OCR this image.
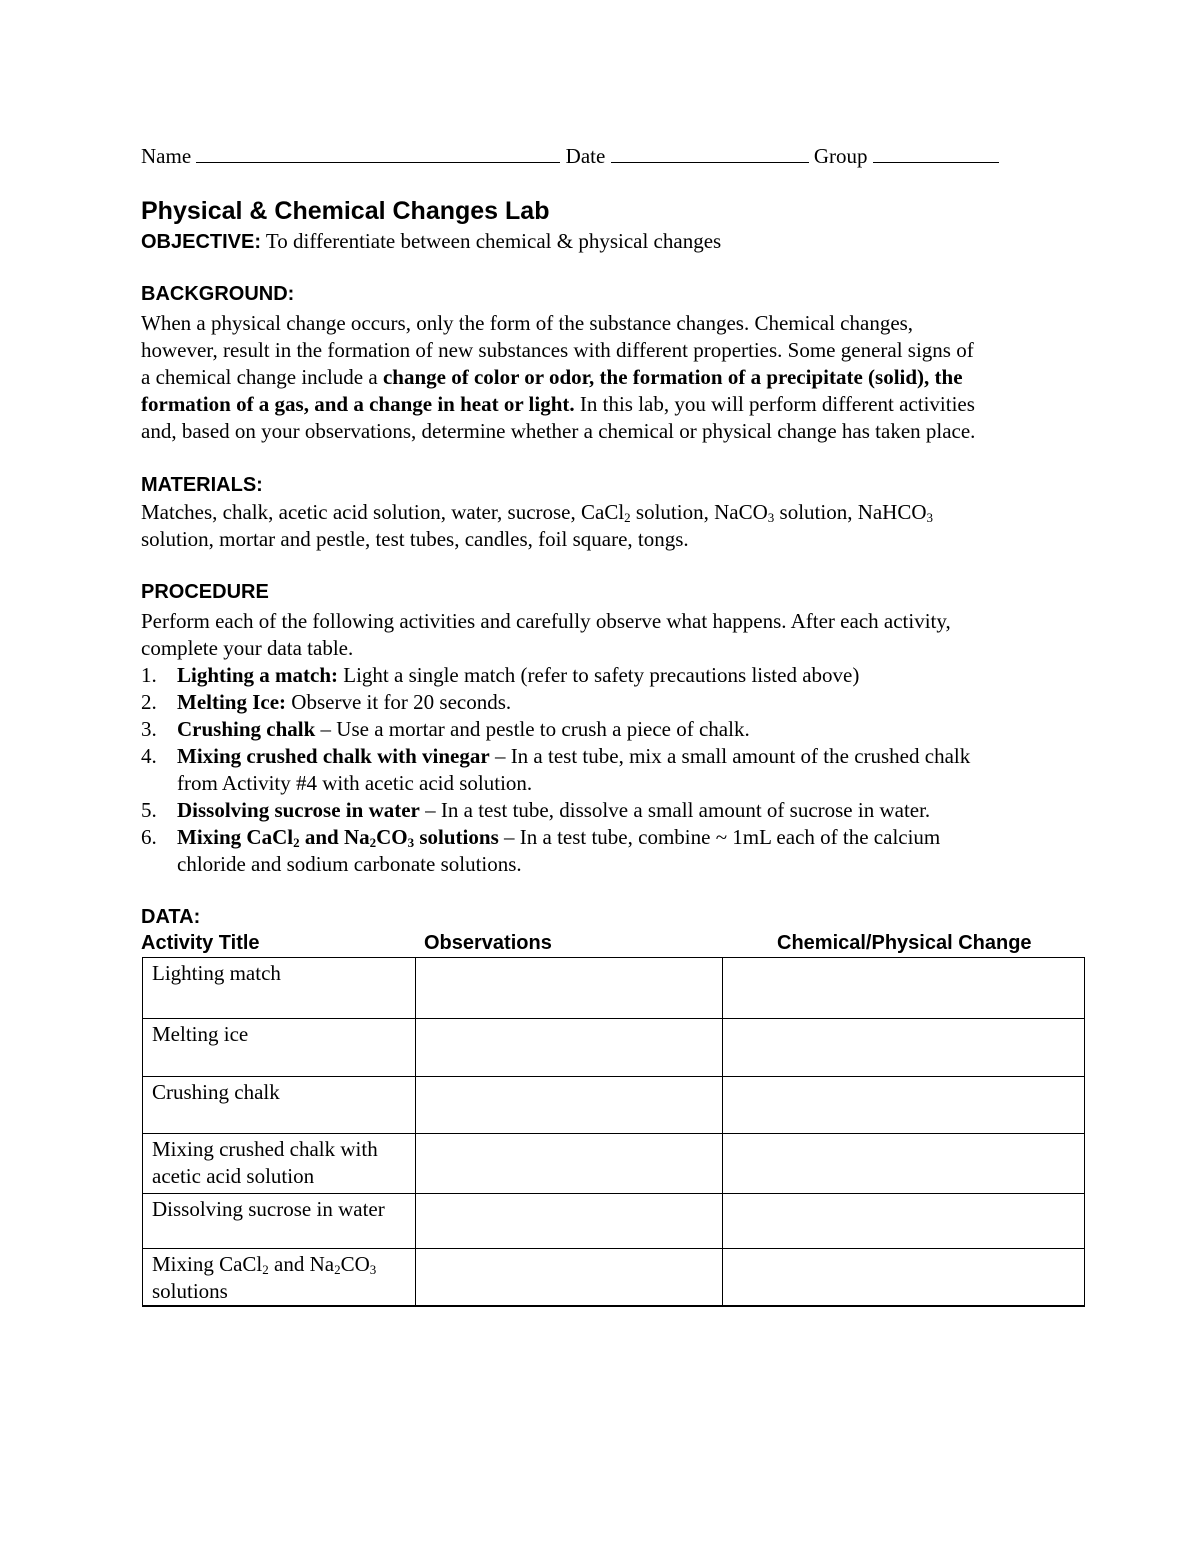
Name	Date	Group
Physical & Chemical Changes Lab
OBJECTIVE: To differentiate between chemical & physical changes
BACKGROUND:
When a physical change occurs, only the form of the substance changes. Chemical changes,
however, result in the formation of new substances with different properties. Some general signs of
a chemical change include a change of color or odor, the formation of a precipitate (solid), the
formation of a gas, and a change in heat or light. In this lab, you will perform different activities
and, based on your observations, determine whether a chemical or physical change has taken place.
MATERIALS:
Matches, chalk, acetic acid solution, water, sucrose, CaCl$_2$ solution, NaCO$_3$ solution, NaHCO$_3$
solution, mortar and pestle, test tubes, candles, foil square, tongs.
PROCEDURE
Perform each of the following activities and carefully observe what happens. After each activity,
complete your data table.
1. Lighting a match: Light a single match (refer to safety precautions listed above)
2. Melting Ice: Observe it for 20 seconds.
3. Crushing chalk – Use a mortar and pestle to crush a piece of chalk.
4. Mixing crushed chalk with vinegar – In a test tube, mix a small amount of the crushed chalk
from Activity #4 with acetic acid solution.
5. Dissolving sucrose in water – In a test tube, dissolve a small amount of sucrose in water.
6. Mixing CaCl$_2$ and $Na_2CO_3$ solutions – In a test tube, combine ~ 1mL each of the calcium
chloride and sodium carbonate solutions.
DATA:
Activity Title	Observations	Chemical/Physical Change
Lighting match		
Melting ice		
Crushing chalk		
Mixing crushed chalk with
acetic acid solution		
Dissolving sucrose in water		
Mixing CaCl$_2$ and $Na_2CO_3$
solutions		
